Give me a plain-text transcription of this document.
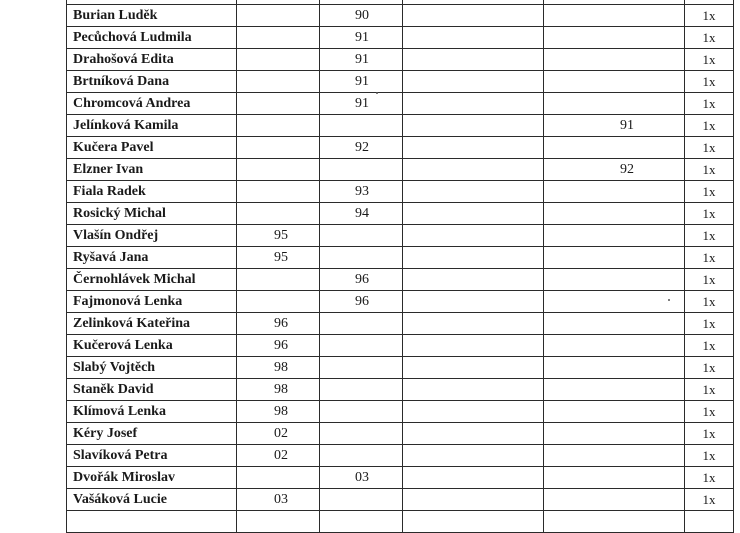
Burian Luděk		90			1x
Pecůchová Ludmila		91			1x
Drahošová Edita		91			1x
Brtníková Dana		91			1x
Chromcová Andrea		91			1x
Jelínková Kamila				91	1x
Kučera Pavel		92			1x
Elzner Ivan				92	1x
Fiala Radek		93			1x
Rosický Michal		94			1x
Vlašín Ondřej	95				1x
Ryšavá Jana	95				1x
Černohlávek Michal		96			1x
Fajmonová Lenka		96			1x
Zelinková Kateřina	96				1x
Kučerová Lenka	96				1x
Slabý Vojtěch	98				1x
Staněk David	98				1x
Klímová Lenka	98				1x
Kéry Josef	02				1x
Slavíková Petra	02				1x
Dvořák Miroslav		03			1x
Vašáková Lucie	03				1x
